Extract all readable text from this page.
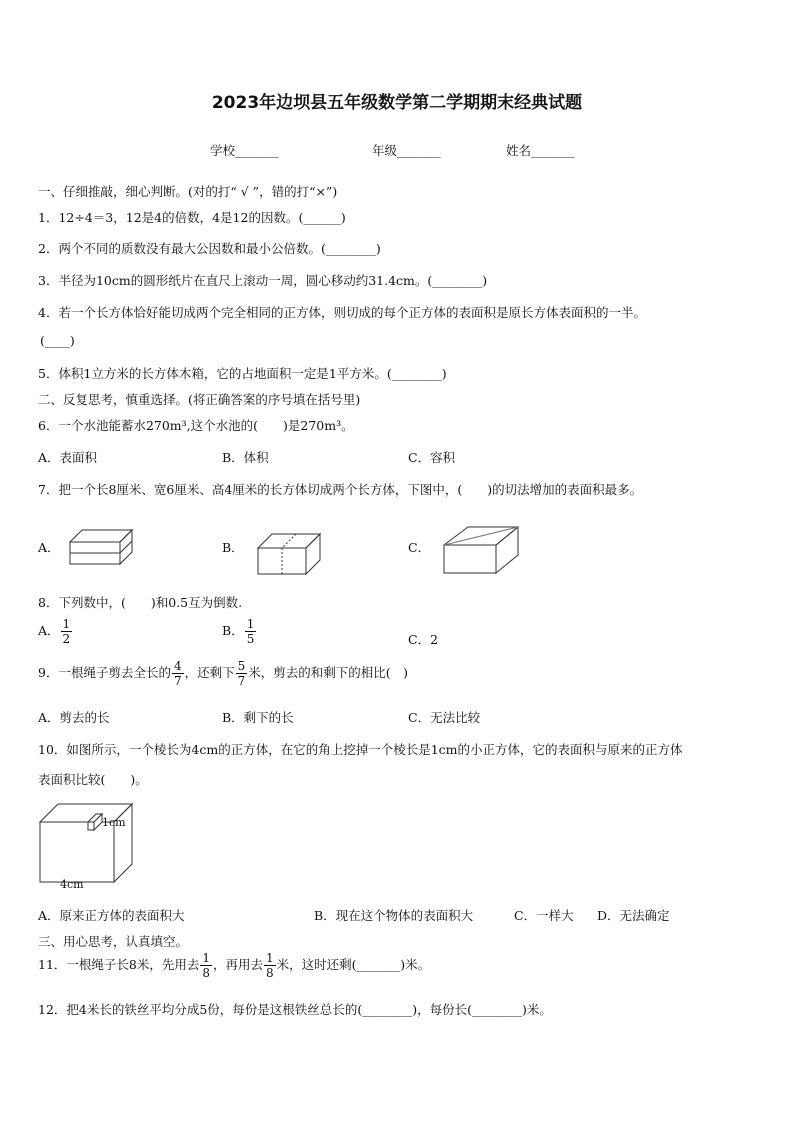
2023年边坝县五年级数学第二学期期末经典试题
学校_______	年级_______	姓名_______
一、仔细推敲，细心判断。(对的打“ √ ”，错的打“×”)
1．12÷4＝3，12是4的倍数，4是12的因数。(______)
2．两个不同的质数没有最大公因数和最小公倍数。(________)
3．半径为10cm的圆形纸片在直尺上滚动一周，圆心移动约31.4cm。(________)
4．若一个长方体恰好能切成两个完全相同的正方体，则切成的每个正方体的表面积是原长方体表面积的一半。
(____)
5．体积1立方米的长方体木箱，它的占地面积一定是1平方米。(________)
二、反复思考，慎重选择。(将正确答案的序号填在括号里)
6．一个水池能蓄水270m³,这个水池的(　　)是270m³。
A．表面积	B．体积	C．容积
7．把一个长8厘米、宽6厘米、高4厘米的长方体切成两个长方体，下图中，(　　)的切法增加的表面积最多。
A．	B．	C．
8．下列数中，(　　)和0.5互为倒数.
A． $\frac{1}{2}$	B． $\frac{1}{5}$	C．2
9．一根绳子剪去全长的 $\frac{4}{7}$ ，还剩下 $\frac{5}{7}$ 米，剪去的和剩下的相比(　)
A．剪去的长	B．剩下的长	C．无法比较
10．如图所示，一个棱长为4cm的正方体，在它的角上挖掉一个棱长是1cm的小正方体，它的表面积与原来的正方体
表面积比较(　　)。
1cm
4cm
A．原来正方体的表面积大	B．现在这个物体的表面积大	C．一样大 D．无法确定
三、用心思考，认真填空。
11．一根绳子长8米，先用去 $\frac{1}{8}$ ，再用去 $\frac{1}{8}$ 米，这时还剩(_______)米。
12．把4米长的铁丝平均分成5份，每份是这根铁丝总长的(________)，每份长(________)米。
